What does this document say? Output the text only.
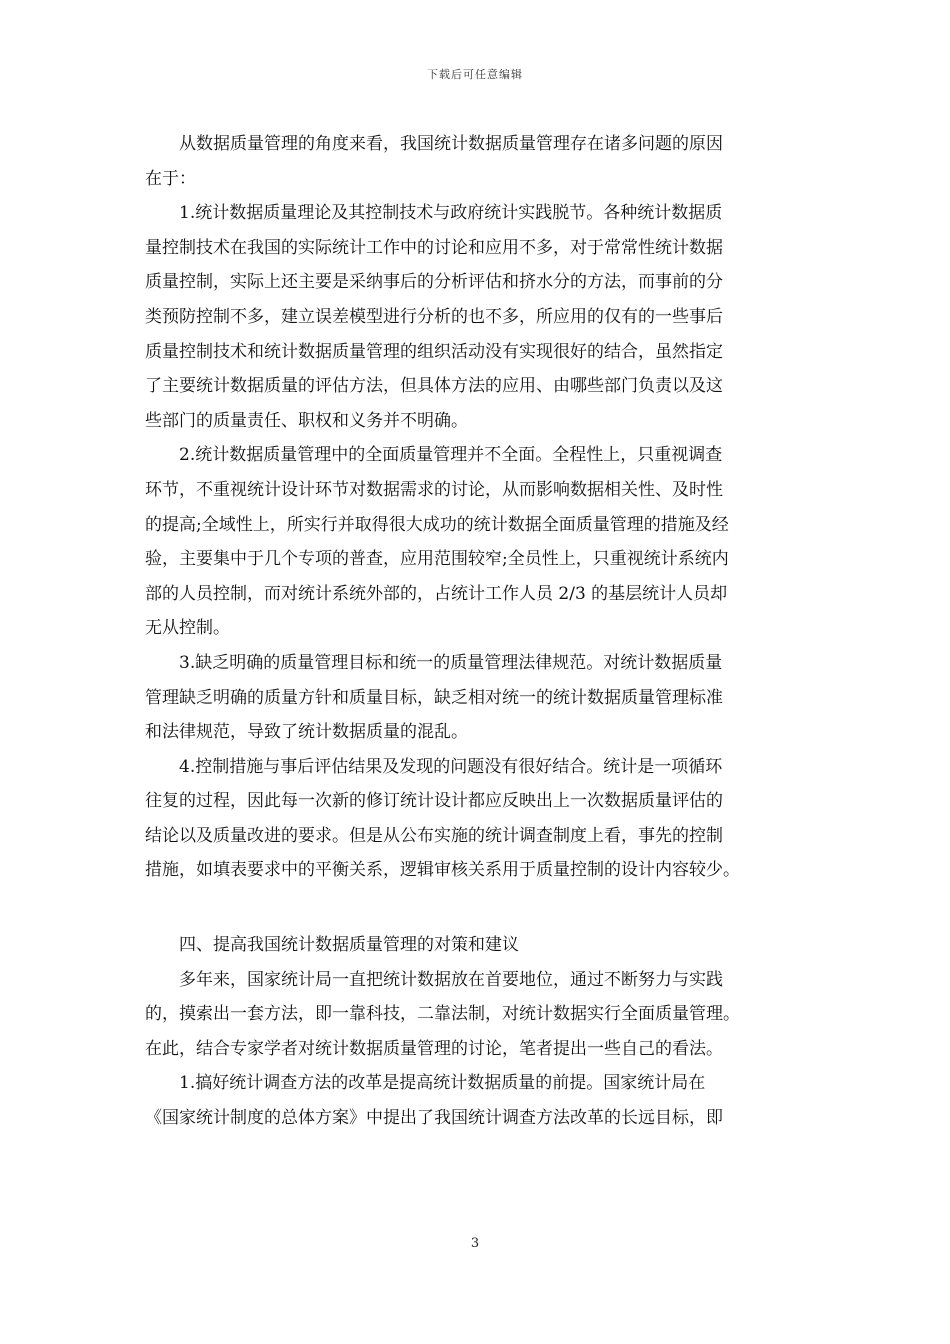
下载后可任意编辑
　　从数据质量管理的角度来看，我国统计数据质量管理存在诸多问题的原因
在于：
　　1.统计数据质量理论及其控制技术与政府统计实践脱节。各种统计数据质
量控制技术在我国的实际统计工作中的讨论和应用不多，对于常常性统计数据
质量控制，实际上还主要是采纳事后的分析评估和挤水分的方法，而事前的分
类预防控制不多，建立误差模型进行分析的也不多，所应用的仅有的一些事后
质量控制技术和统计数据质量管理的组织活动没有实现很好的结合，虽然指定
了主要统计数据质量的评估方法，但具体方法的应用、由哪些部门负责以及这
些部门的质量责任、职权和义务并不明确。
　　2.统计数据质量管理中的全面质量管理并不全面。全程性上，只重视调查
环节，不重视统计设计环节对数据需求的讨论，从而影响数据相关性、及时性
的提高;全域性上，所实行并取得很大成功的统计数据全面质量管理的措施及经
验，主要集中于几个专项的普查，应用范围较窄;全员性上，只重视统计系统内
部的人员控制，而对统计系统外部的，占统计工作人员 2/3 的基层统计人员却
无从控制。
　　3.缺乏明确的质量管理目标和统一的质量管理法律规范。对统计数据质量
管理缺乏明确的质量方针和质量目标，缺乏相对统一的统计数据质量管理标准
和法律规范，导致了统计数据质量的混乱。
　　4.控制措施与事后评估结果及发现的问题没有很好结合。统计是一项循环
往复的过程，因此每一次新的修订统计设计都应反映出上一次数据质量评估的
结论以及质量改进的要求。但是从公布实施的统计调查制度上看，事先的控制
措施，如填表要求中的平衡关系，逻辑审核关系用于质量控制的设计内容较少。
　　四、提高我国统计数据质量管理的对策和建议
　　多年来，国家统计局一直把统计数据放在首要地位，通过不断努力与实践
的，摸索出一套方法，即一靠科技，二靠法制，对统计数据实行全面质量管理。
在此，结合专家学者对统计数据质量管理的讨论，笔者提出一些自己的看法。
　　1.搞好统计调查方法的改革是提高统计数据质量的前提。国家统计局在
《国家统计制度的总体方案》中提出了我国统计调查方法改革的长远目标，即
3
